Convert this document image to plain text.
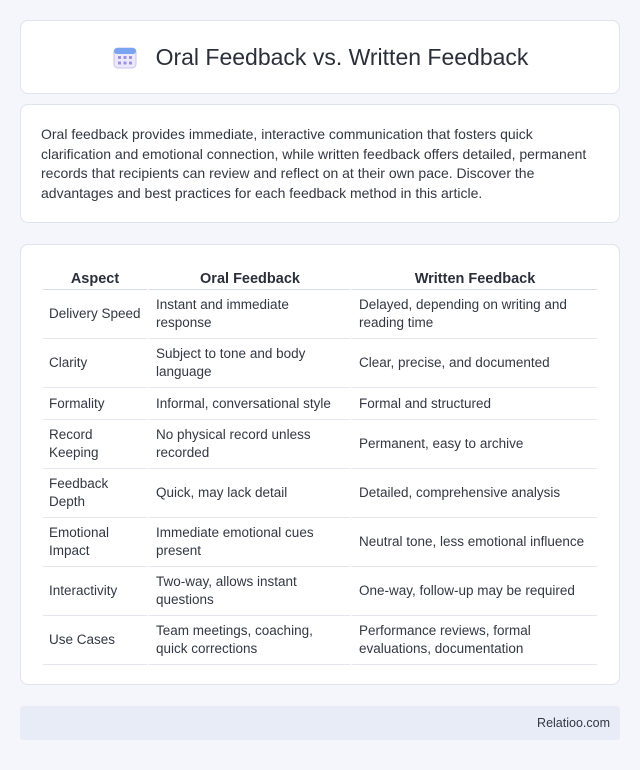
Oral Feedback vs. Written Feedback

Oral feedback provides immediate, interactive communication that fosters quick clarification and emotional connection, while written feedback offers detailed, permanent records that recipients can review and reflect on at their own pace. Discover the advantages and best practices for each feedback method in this article.

Aspect	Oral Feedback	Written Feedback
Delivery Speed	Instant and immediate response	Delayed, depending on writing and reading time
Clarity	Subject to tone and body language	Clear, precise, and documented
Formality	Informal, conversational style	Formal and structured
Record Keeping	No physical record unless recorded	Permanent, easy to archive
Feedback Depth	Quick, may lack detail	Detailed, comprehensive analysis
Emotional Impact	Immediate emotional cues present	Neutral tone, less emotional influence
Interactivity	Two-way, allows instant questions	One-way, follow-up may be required
Use Cases	Team meetings, coaching, quick corrections	Performance reviews, formal evaluations, documentation
Relatioo.com
